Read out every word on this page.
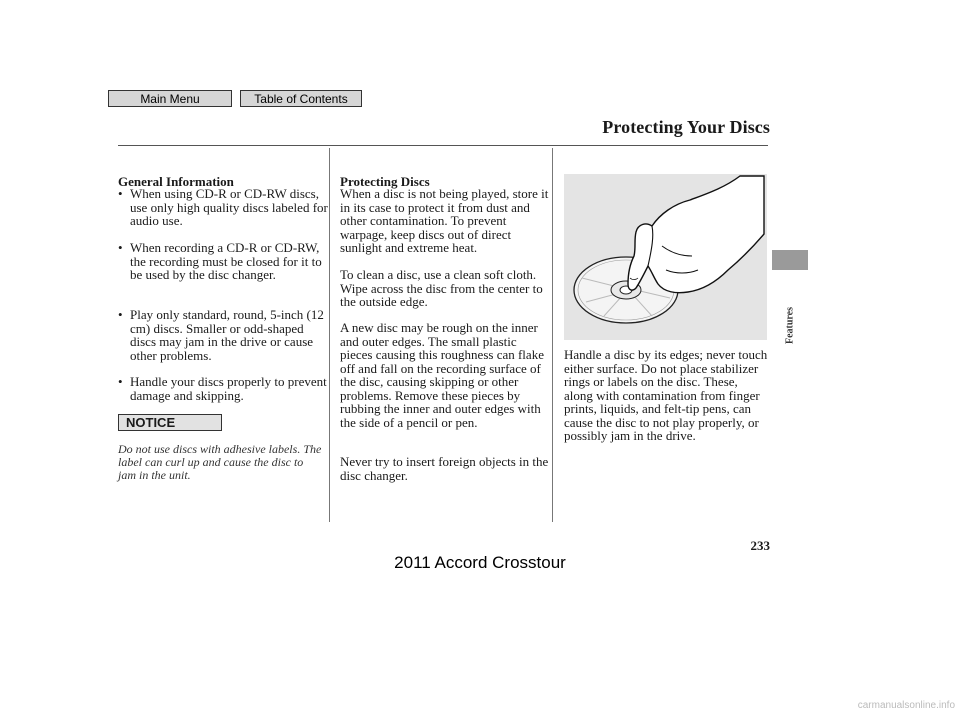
Main Menu	Table of Contents
Protecting Your Discs
Features
General Information
• When using CD-R or CD-RW discs, use only high quality discs labeled for audio use.
• When recording a CD-R or CD-RW, the recording must be closed for it to be used by the disc changer.
• Play only standard, round, 5-inch (12 cm) discs. Smaller or odd-shaped discs may jam in the drive or cause other problems.
• Handle your discs properly to prevent damage and skipping.
NOTICE
Do not use discs with adhesive labels. The label can curl up and cause the disc to jam in the unit.
Protecting Discs
When a disc is not being played, store it in its case to protect it from dust and other contamination. To prevent warpage, keep discs out of direct sunlight and extreme heat.
To clean a disc, use a clean soft cloth. Wipe across the disc from the center to the outside edge.
A new disc may be rough on the inner and outer edges. The small plastic pieces causing this roughness can flake off and fall on the recording surface of the disc, causing skipping or other problems. Remove these pieces by rubbing the inner and outer edges with the side of a pencil or pen.
Never try to insert foreign objects in the disc changer.
Handle a disc by its edges; never touch either surface. Do not place stabilizer rings or labels on the disc. These, along with contamination from finger prints, liquids, and felt-tip pens, can cause the disc to not play properly, or possibly jam in the drive.
233
2011 Accord Crosstour
carmanualsonline.info
